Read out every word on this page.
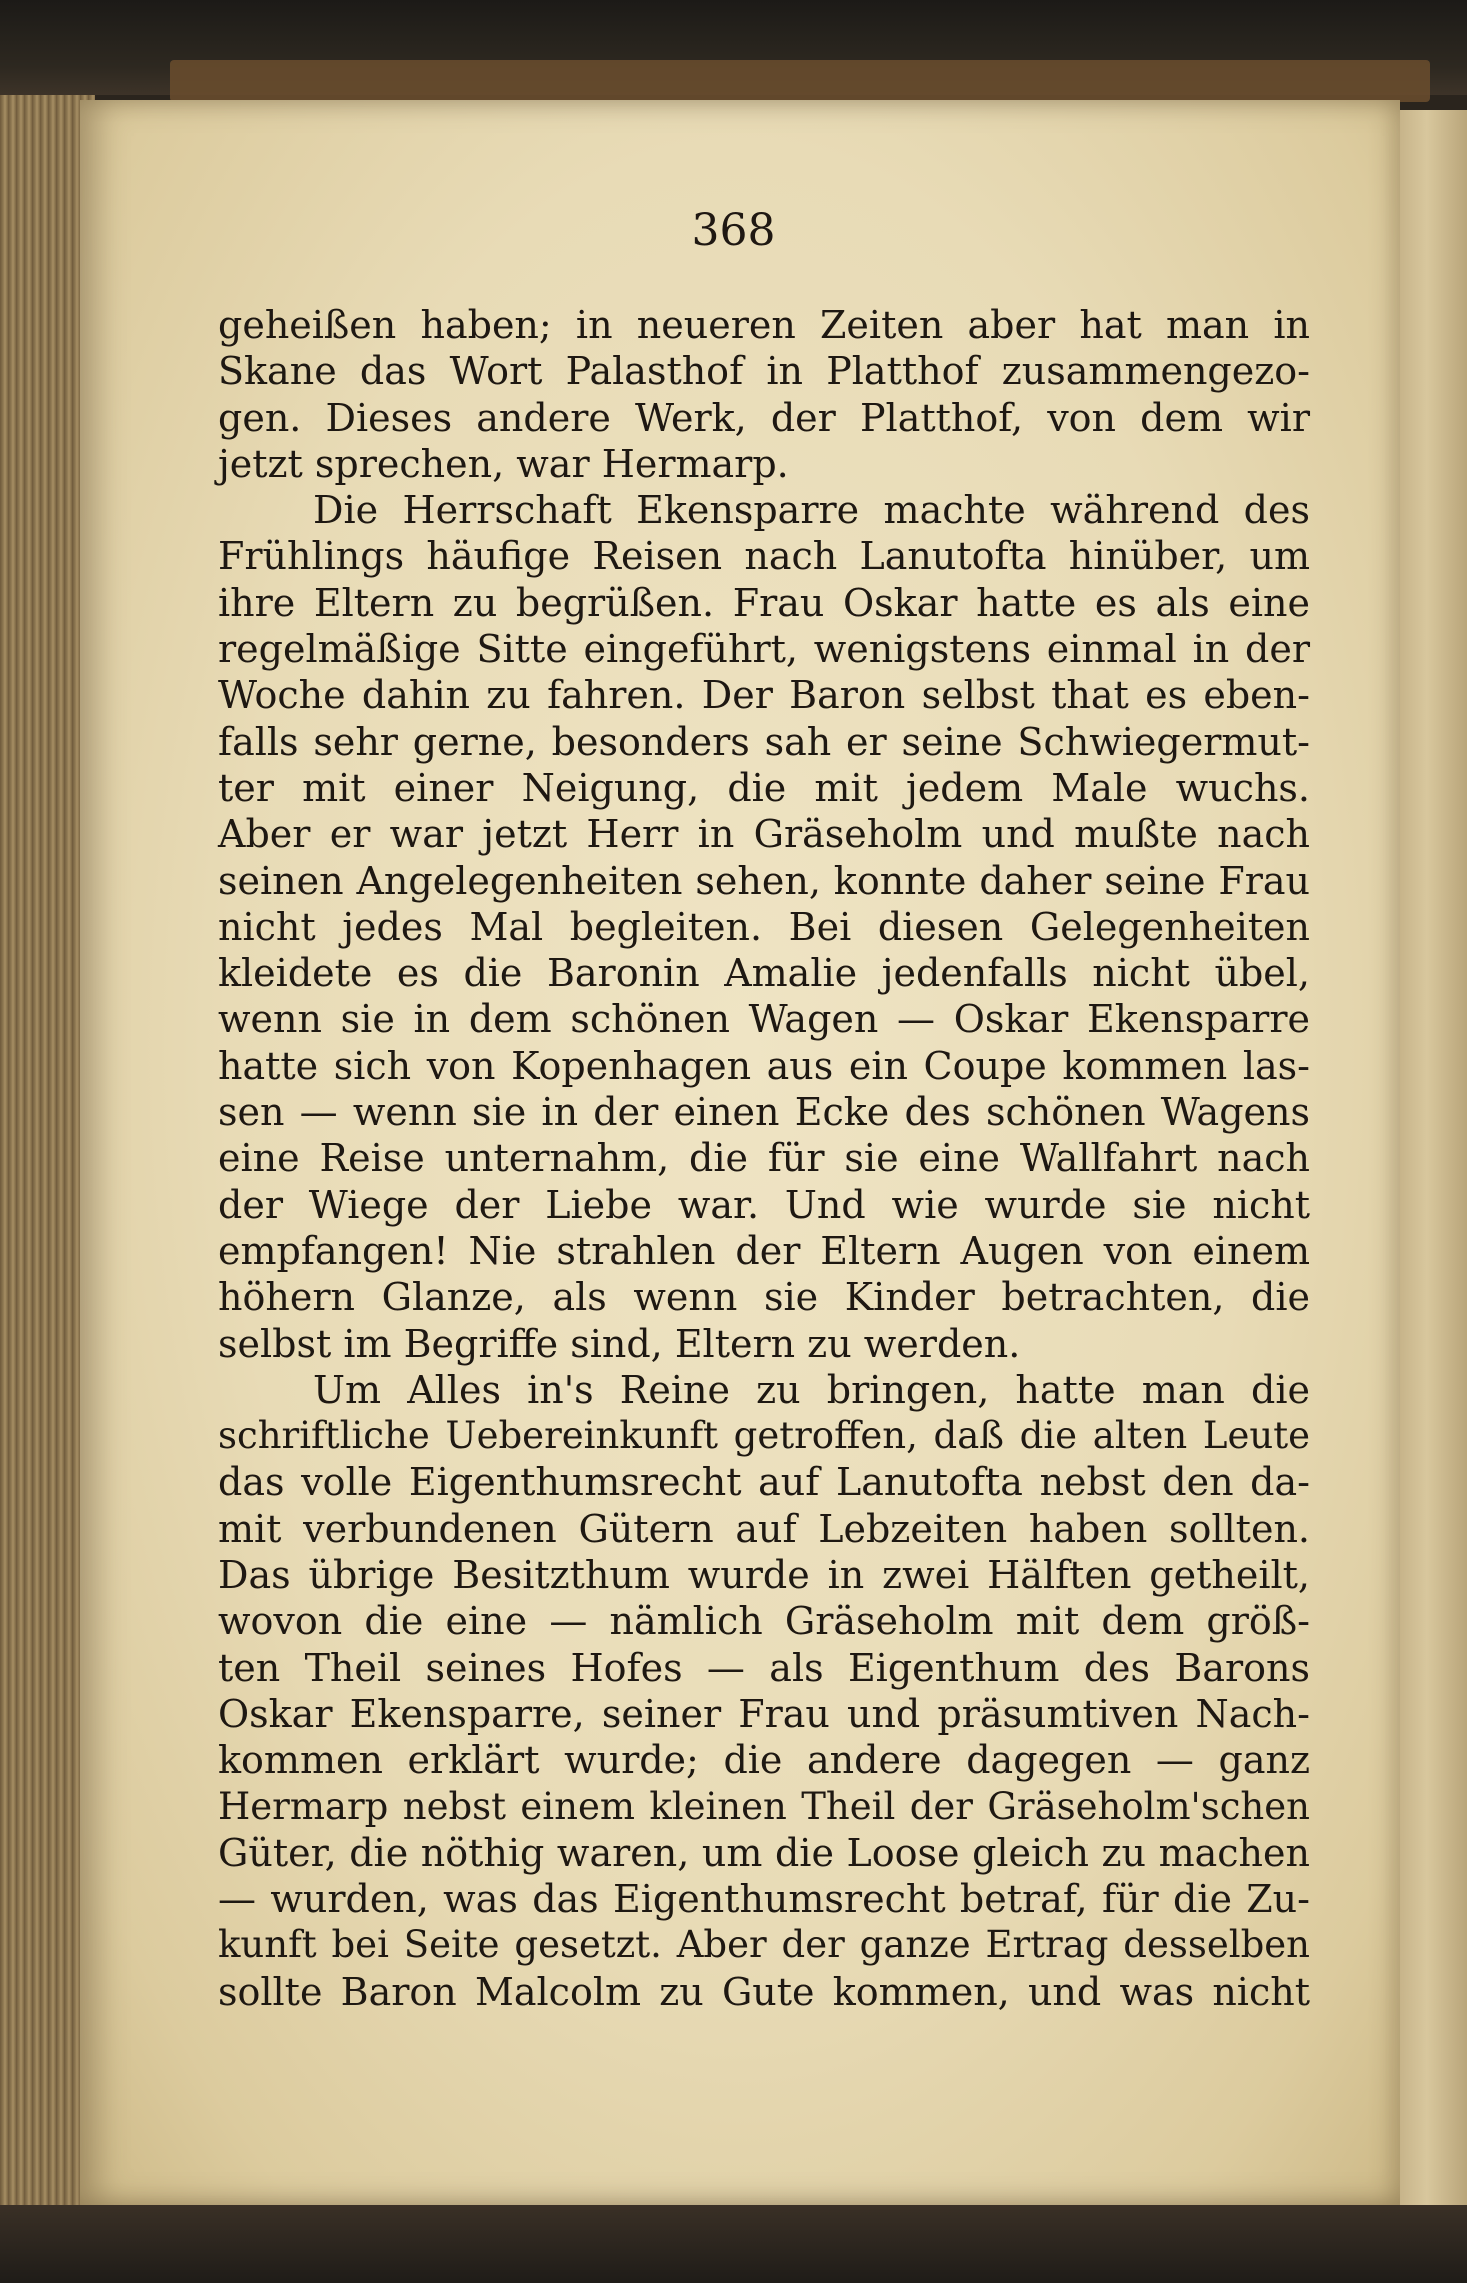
368
geheißen haben; in neueren Zeiten aber hat man in
Skane das Wort Palasthof in Platthof zusammengezo-
gen. Dieses andere Werk, der Platthof, von dem wir
jetzt sprechen, war Hermarp.
Die Herrschaft Ekensparre machte während des
Frühlings häufige Reisen nach Lanutofta hinüber, um
ihre Eltern zu begrüßen. Frau Oskar hatte es als eine
regelmäßige Sitte eingeführt, wenigstens einmal in der
Woche dahin zu fahren. Der Baron selbst that es eben-
falls sehr gerne, besonders sah er seine Schwiegermut-
ter mit einer Neigung, die mit jedem Male wuchs.
Aber er war jetzt Herr in Gräseholm und mußte nach
seinen Angelegenheiten sehen, konnte daher seine Frau
nicht jedes Mal begleiten. Bei diesen Gelegenheiten
kleidete es die Baronin Amalie jedenfalls nicht übel,
wenn sie in dem schönen Wagen — Oskar Ekensparre
hatte sich von Kopenhagen aus ein Coupe kommen las-
sen — wenn sie in der einen Ecke des schönen Wagens
eine Reise unternahm, die für sie eine Wallfahrt nach
der Wiege der Liebe war. Und wie wurde sie nicht
empfangen! Nie strahlen der Eltern Augen von einem
höhern Glanze, als wenn sie Kinder betrachten, die
selbst im Begriffe sind, Eltern zu werden.
Um Alles in's Reine zu bringen, hatte man die
schriftliche Uebereinkunft getroffen, daß die alten Leute
das volle Eigenthumsrecht auf Lanutofta nebst den da-
mit verbundenen Gütern auf Lebzeiten haben sollten.
Das übrige Besitzthum wurde in zwei Hälften getheilt,
wovon die eine — nämlich Gräseholm mit dem größ-
ten Theil seines Hofes — als Eigenthum des Barons
Oskar Ekensparre, seiner Frau und präsumtiven Nach-
kommen erklärt wurde; die andere dagegen — ganz
Hermarp nebst einem kleinen Theil der Gräseholm'schen
Güter, die nöthig waren, um die Loose gleich zu machen
— wurden, was das Eigenthumsrecht betraf, für die Zu-
kunft bei Seite gesetzt. Aber der ganze Ertrag desselben
sollte Baron Malcolm zu Gute kommen, und was nicht
